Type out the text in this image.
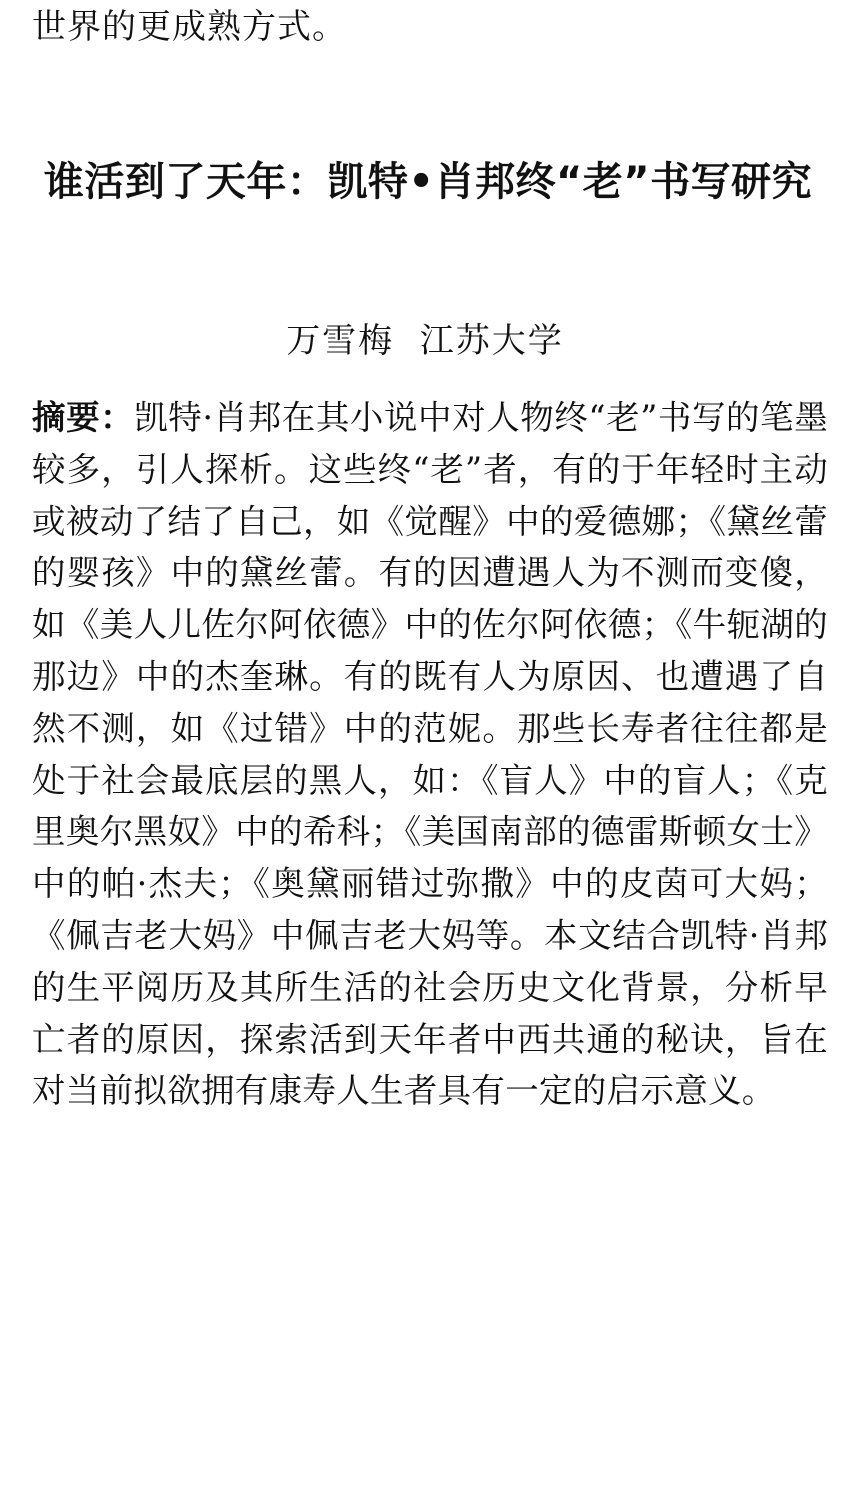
世界的更成熟方式。
谁活到了天年：凯特•肖邦终“老”书写研究
万雪梅  江苏大学
摘要：凯特·肖邦在其小说中对人物终“老”书写的笔墨较多，引人探析。这些终“老”者，有的于年轻时主动或被动了结了自己，如《觉醒》中的爱德娜；《黛丝蕾的婴孩》中的黛丝蕾。有的因遭遇人为不测而变傻，如《美人儿佐尔阿依德》中的佐尔阿依德；《牛轭湖的那边》中的杰奎琳。有的既有人为原因、也遭遇了自然不测，如《过错》中的范妮。那些长寿者往往都是处于社会最底层的黑人，如：《盲人》中的盲人；《克里奥尔黑奴》中的希科；《美国南部的德雷斯顿女士》中的帕·杰夫；《奥黛丽错过弥撒》中的皮茵可大妈；《佩吉老大妈》中佩吉老大妈等。本文结合凯特·肖邦的生平阅历及其所生活的社会历史文化背景，分析早亡者的原因，探索活到天年者中西共通的秘诀，旨在对当前拟欲拥有康寿人生者具有一定的启示意义。
